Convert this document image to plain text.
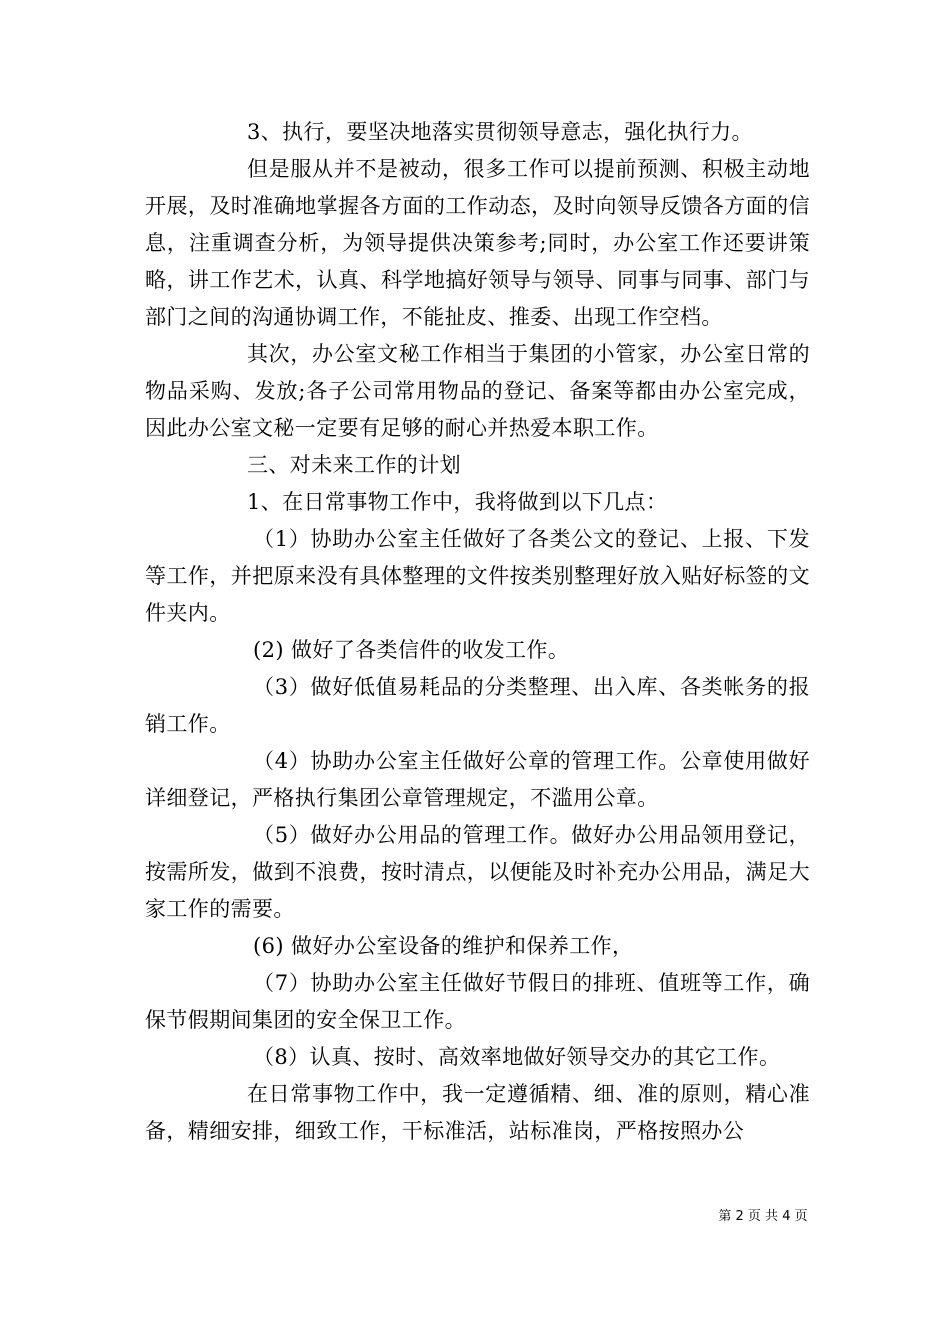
3、执行，要坚决地落实贯彻领导意志，强化执行力。

但是服从并不是被动，很多工作可以提前预测、积极主动地开展，及时准确地掌握各方面的工作动态，及时向领导反馈各方面的信息，注重调查分析，为领导提供决策参考;同时，办公室工作还要讲策略，讲工作艺术，认真、科学地搞好领导与领导、同事与同事、部门与部门之间的沟通协调工作，不能扯皮、推委、出现工作空档。

其次，办公室文秘工作相当于集团的小管家，办公室日常的物品采购、发放;各子公司常用物品的登记、备案等都由办公室完成，因此办公室文秘一定要有足够的耐心并热爱本职工作。

三、对未来工作的计划

1、在日常事物工作中，我将做到以下几点：

（1）协助办公室主任做好了各类公文的登记、上报、下发等工作，并把原来没有具体整理的文件按类别整理好放入贴好标签的文件夹内。

(2) 做好了各类信件的收发工作。

（3）做好低值易耗品的分类整理、出入库、各类帐务的报销工作。

（4）协助办公室主任做好公章的管理工作。公章使用做好详细登记，严格执行集团公章管理规定，不滥用公章。

（5）做好办公用品的管理工作。做好办公用品领用登记，按需所发，做到不浪费，按时清点，以便能及时补充办公用品，满足大家工作的需要。

(6) 做好办公室设备的维护和保养工作，

（7）协助办公室主任做好节假日的排班、值班等工作，确保节假期间集团的安全保卫工作。

（8）认真、按时、高效率地做好领导交办的其它工作。

在日常事物工作中，我一定遵循精、细、准的原则，精心准备，精细安排，细致工作，干标准活，站标准岗，严格按照办公

第 2 页 共 4 页
